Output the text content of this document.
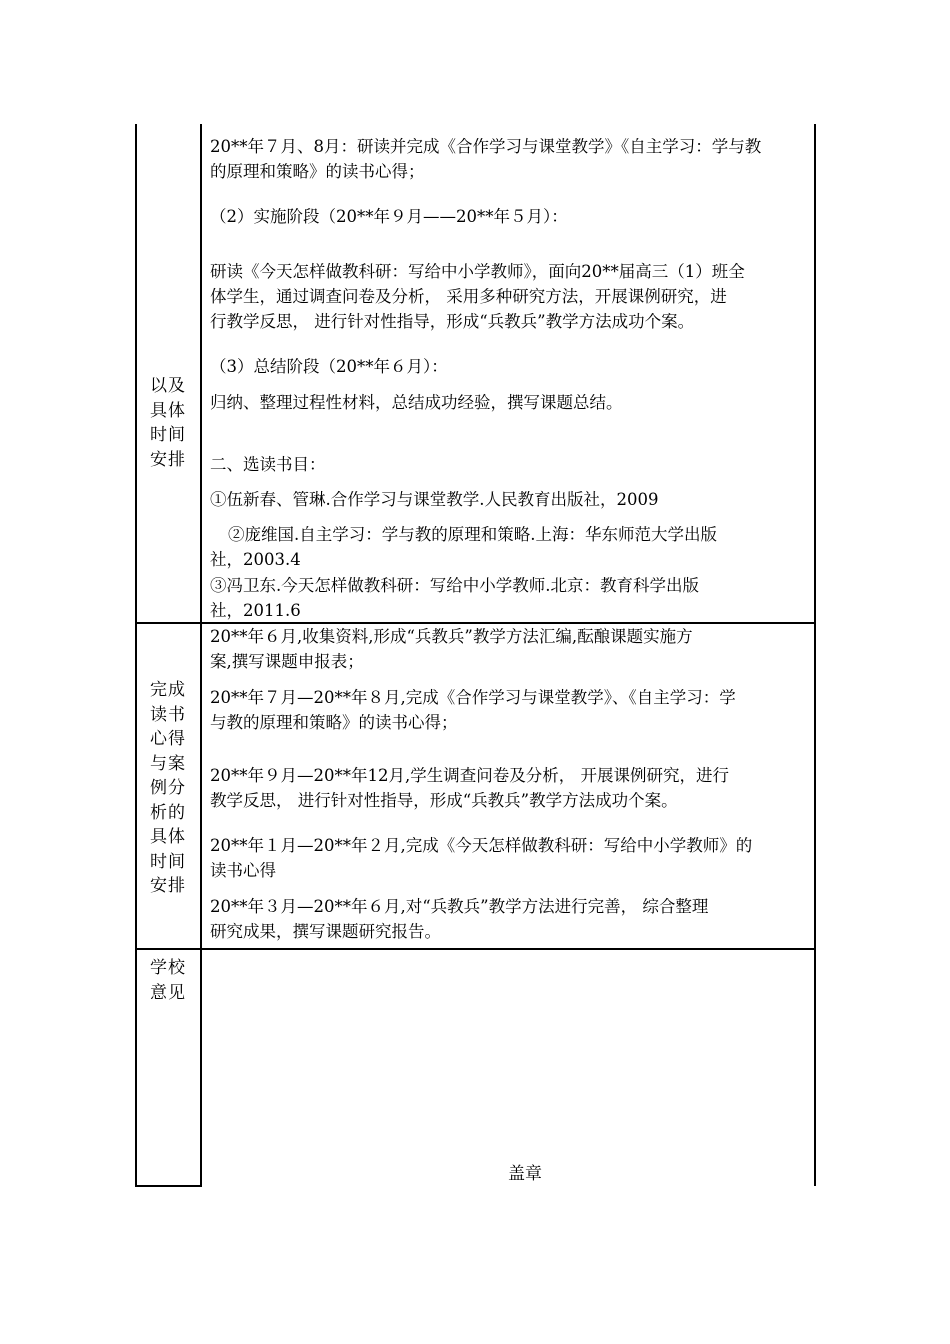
以及
具体
时间
安排
20**年７月、8月：研读并完成《合作学习与课堂教学》《自主学习：学与教
的原理和策略》的读书心得；
（2）实施阶段（20**年９月——20**年５月）：
研读《今天怎样做教科研：写给中小学教师》，面向20**届高三（1）班全
体学生，通过调查问卷及分析， 采用多种研究方法，开展课例研究，进
行教学反思， 进行针对性指导，形成“兵教兵”教学方法成功个案。
（3）总结阶段（20**年６月）：
归纳、整理过程性材料，总结成功经验，撰写课题总结。
二、选读书目：
①伍新春、管琳.合作学习与课堂教学.人民教育出版社，2009
②庞维国.自主学习：学与教的原理和策略.上海：华东师范大学出版
社，2003.4
③冯卫东.今天怎样做教科研：写给中小学教师.北京：教育科学出版
社，2011.6
完成
读书
心得
与案
例分
析的
具体
时间
安排
20**年６月,收集资料,形成“兵教兵”教学方法汇编,酝酿课题实施方
案,撰写课题申报表；
20**年７月—20**年８月,完成《合作学习与课堂教学》、《自主学习：学
与教的原理和策略》的读书心得；
20**年９月—20**年12月,学生调查问卷及分析， 开展课例研究，进行
教学反思， 进行针对性指导，形成“兵教兵”教学方法成功个案。
20**年１月—20**年２月,完成《今天怎样做教科研：写给中小学教师》的
读书心得
20**年３月—20**年６月,对“兵教兵”教学方法进行完善， 综合整理
研究成果，撰写课题研究报告。
学校
意见
盖章
